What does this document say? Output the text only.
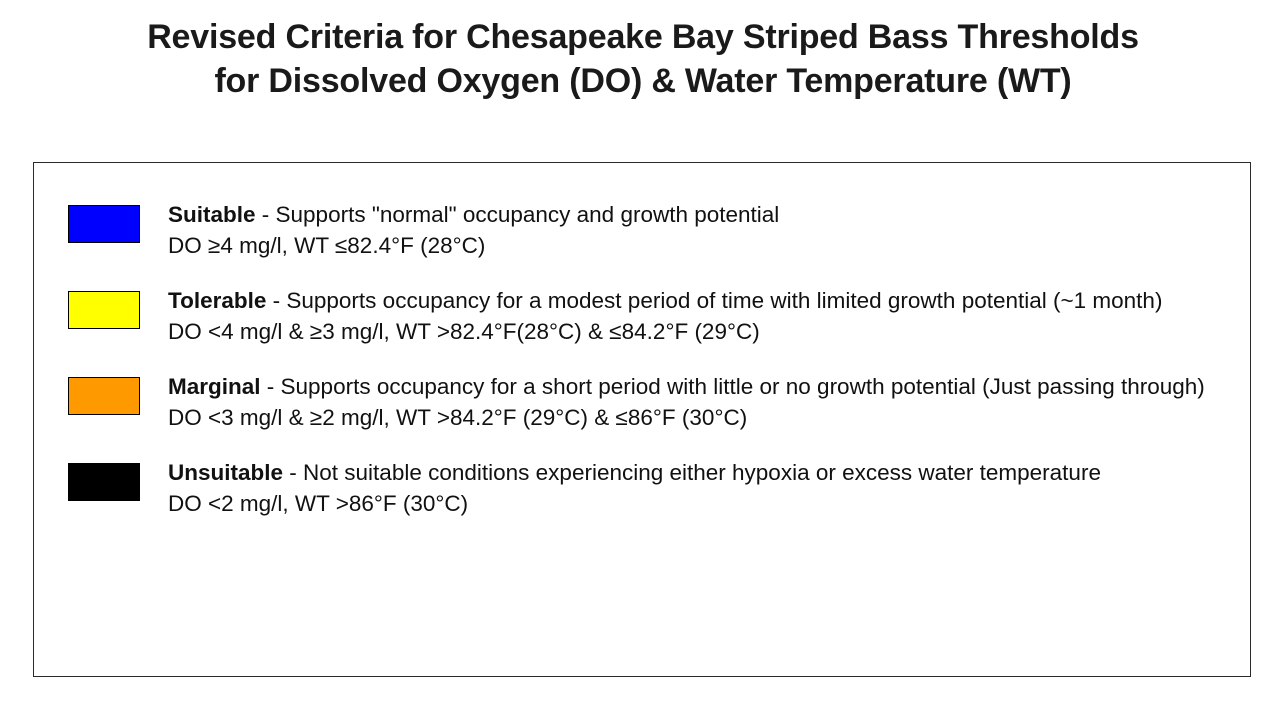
Revised Criteria for Chesapeake Bay Striped Bass Thresholds
for Dissolved Oxygen (DO) & Water Temperature (WT)
Suitable - Supports "normal" occupancy and growth potential
DO ≥4 mg/l, WT ≤82.4°F (28°C)
Tolerable - Supports occupancy for a modest period of time with limited growth potential (~1 month)
DO <4 mg/l & ≥3 mg/l, WT >82.4°F(28°C) & ≤84.2°F (29°C)
Marginal - Supports occupancy for a short period with little or no growth potential (Just passing through)
DO <3 mg/l & ≥2 mg/l, WT >84.2°F (29°C) & ≤86°F (30°C)
Unsuitable - Not suitable conditions experiencing either hypoxia or excess water temperature
DO <2 mg/l, WT >86°F (30°C)
